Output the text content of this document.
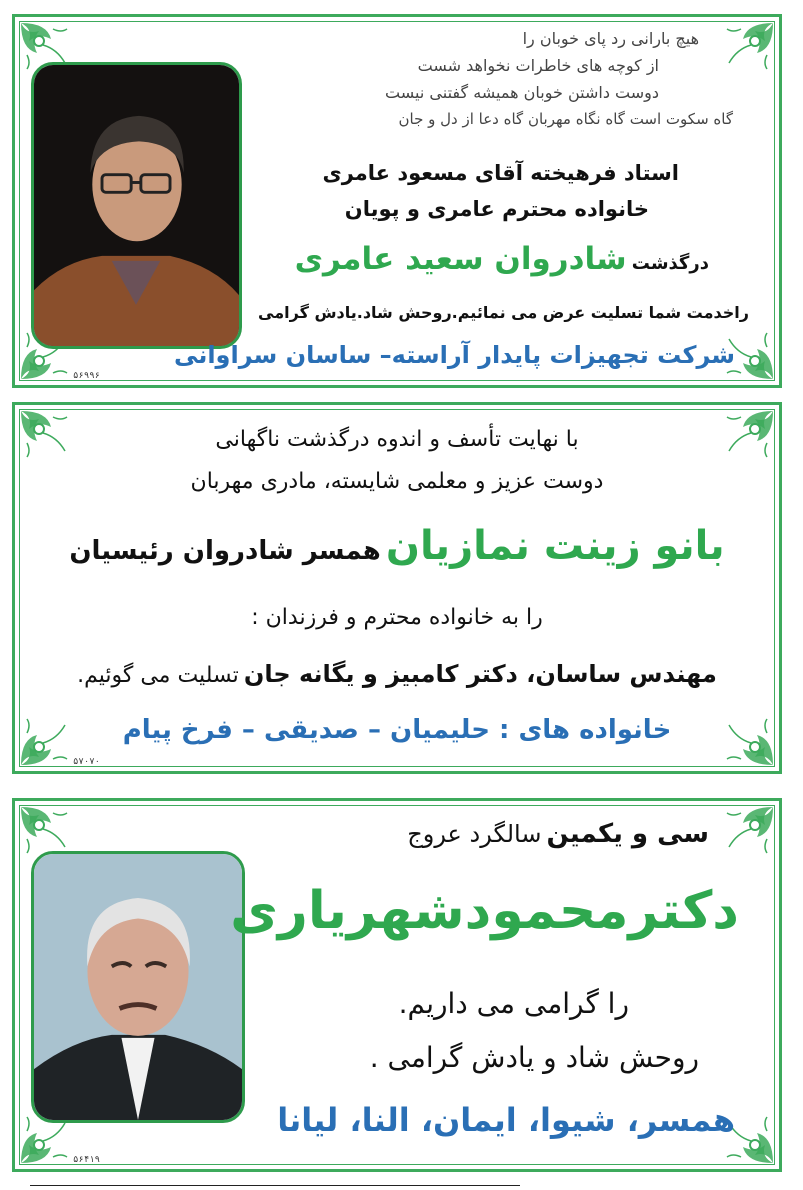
هیچ بارانی رد پای خوبان را
از کوچه های خاطرات نخواهد شست
دوست داشتن خوبان همیشه گفتنی نیست
گاه سکوت است گاه نگاه مهربان گاه دعا از دل و جان
استاد فرهیخته آقای مسعود عامری
خانواده محترم عامری و پویان
درگذشت شادروان سعید عامری
راخدمت شما تسلیت عرض می نمائیم.روحش شاد.یادش گرامی
شرکت تجهیزات پایدار آراسته– ساسان سراوانی
۵۶۹۹۶
با نهایت تأسف و اندوه درگذشت ناگهانی
دوست عزیز و معلمی شایسته، مادری مهربان
بانو زینت نمازیان همسر شادروان رئیسیان
را به خانواده محترم و فرزندان :
مهندس ساسان، دکتر کامبیز و یگانه جان تسلیت می گوئیم.
خانواده های : حلیمیان – صدیقی – فرخ پیام
۵۷۰۷۰
سی و یکمین سالگرد عروج
دکترمحمودشهریاری
را گرامی می داریم.
روحش شاد و یادش گرامی .
همسر، شیوا، ایمان، النا، لیانا
۵۶۴۱۹
